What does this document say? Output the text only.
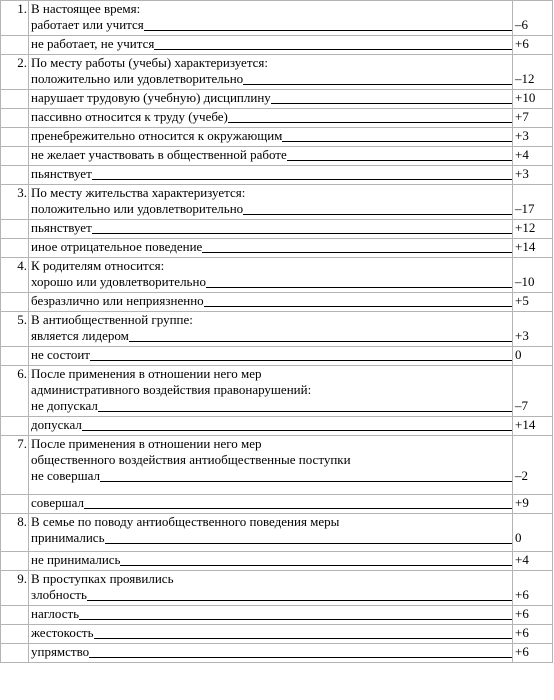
1.	В настоящее время:
работает или учится	–6

	не работает, не учится	+6

2.	По месту работы (учебы) характеризуется:
положительно или удовлетворительно	–12

	нарушает трудовую (учебную) дисциплину	+10

	пассивно относится к труду (учебе)	+7

	пренебрежительно относится к окружающим	+3

	не желает участвовать в общественной работе	+4

	пьянствует	+3

3.	По месту жительства характеризуется:
положительно или удовлетворительно	–17

	пьянствует	+12

	иное отрицательное поведение	+14

4.	К родителям относится:
хорошо или удовлетворительно	–10

	безразлично или неприязненно	+5

5.	В антиобщественной группе:
является лидером	+3

	не состоит	0

6.	После применения в отношении него мер
административного воздействия правонарушений:
не допускал	–7

	допускал	+14

7.	После применения в отношении него мер
общественного воздействия антиобщественные поступки
не совершал	–2

	совершал	+9

8.	В семье по поводу антиобщественного поведения меры
принимались	0

	не принимались	+4

9.	В проступках проявились
злобность	+6

	наглость	+6

	жестокость	+6

	упрямство	+6
